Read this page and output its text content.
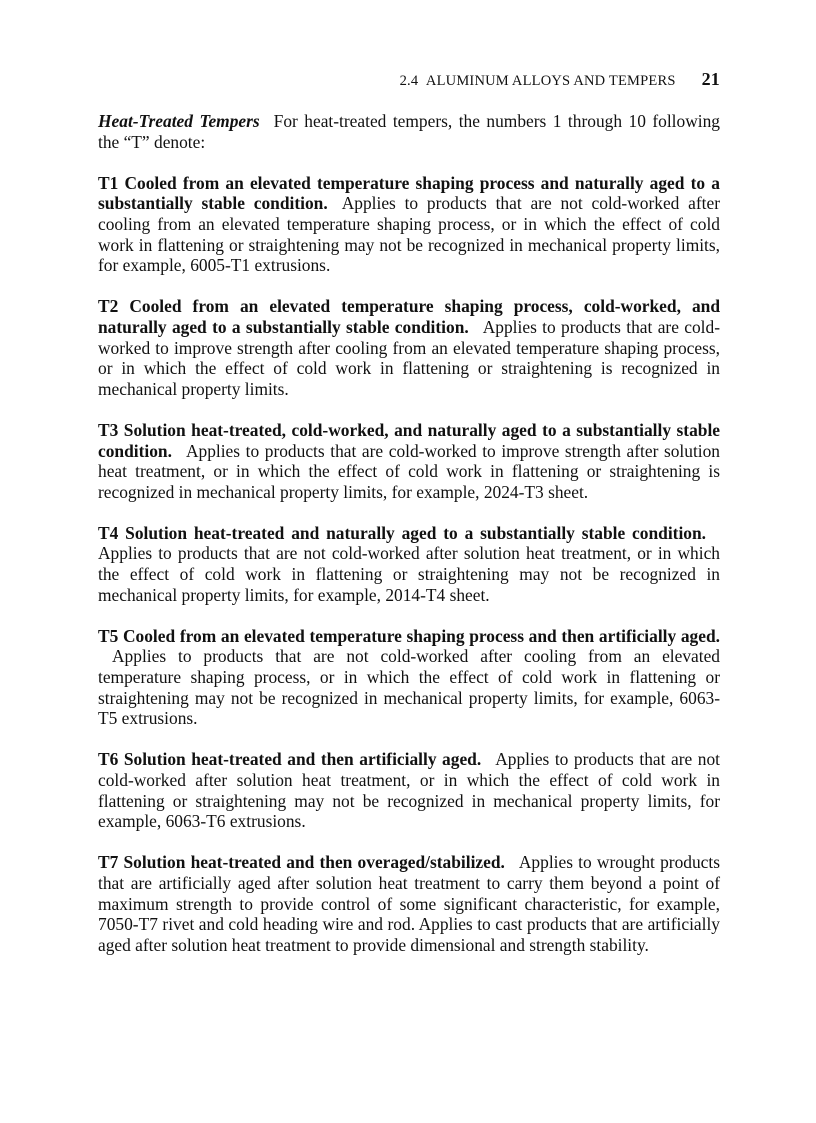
2.4  ALUMINUM ALLOYS AND TEMPERS 21

Heat-Treated Tempers For heat-treated tempers, the numbers 1 through 10 following the “T” denote:

T1 Cooled from an elevated temperature shaping process and naturally aged to a substantially stable condition. Applies to products that are not cold-worked after cooling from an elevated temperature shaping process, or in which the effect of cold work in flattening or straightening may not be recognized in mechanical property limits, for example, 6005-T1 extrusions.

T2 Cooled from an elevated temperature shaping process, cold-worked, and naturally aged to a substantially stable condition. Applies to products that are cold-worked to improve strength after cooling from an elevated temperature shaping process, or in which the effect of cold work in flattening or straightening is recognized in mechanical property limits.

T3 Solution heat-treated, cold-worked, and naturally aged to a substantially stable condition. Applies to products that are cold-worked to improve strength after solution heat treatment, or in which the effect of cold work in flattening or straightening is recognized in mechanical property limits, for example, 2024-T3 sheet.

T4 Solution heat-treated and naturally aged to a substantially stable condition.Applies to products that are not cold-worked after solution heat treatment, or in which the effect of cold work in flattening or straightening may not be recognized in mechanical property limits, for example, 2014-T4 sheet.

T5 Cooled from an elevated temperature shaping process and then artificially aged.Applies to products that are not cold-worked after cooling from an elevated temperature shaping process, or in which the effect of cold work in flattening or straightening may not be recognized in mechanical property limits, for example, 6063-T5 extrusions.

T6 Solution heat-treated and then artificially aged. Applies to products that are not cold-worked after solution heat treatment, or in which the effect of cold work in flattening or straightening may not be recognized in mechanical property limits, for example, 6063-T6 extrusions.

T7 Solution heat-treated and then overaged/stabilized. Applies to wrought products that are artificially aged after solution heat treatment to carry them beyond a point of maximum strength to provide control of some significant characteristic, for example, 7050-T7 rivet and cold heading wire and rod. Applies to cast products that are artificially aged after solution heat treatment to provide dimensional and strength stability.
